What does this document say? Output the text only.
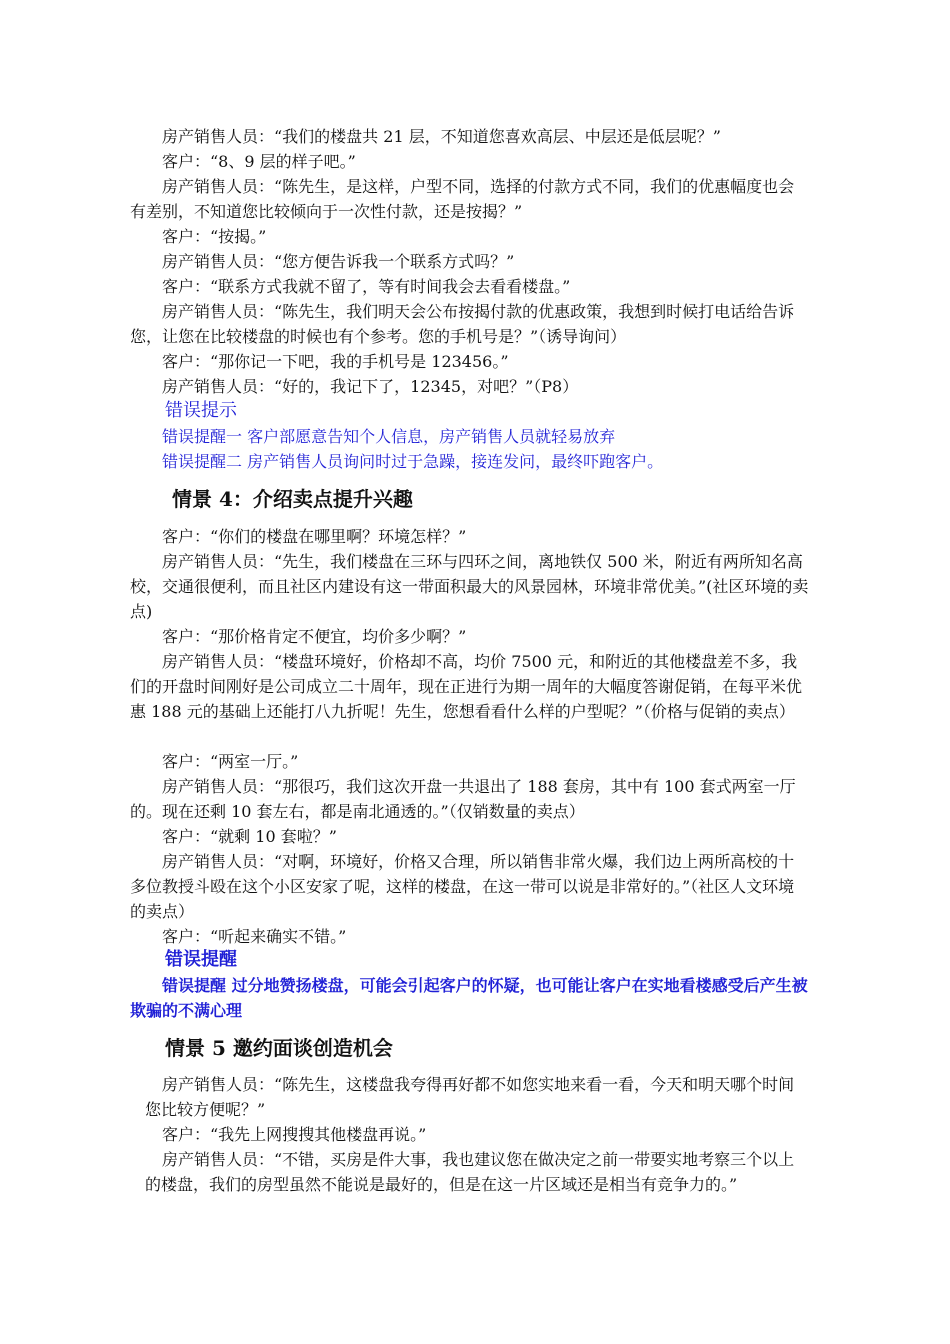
房产销售人员：“我们的楼盘共 21 层，不知道您喜欢高层、中层还是低层呢？”
客户：“8、9 层的样子吧。”
房产销售人员：“陈先生，是这样，户型不同，选择的付款方式不同，我们的优惠幅度也会有差别，不知道您比较倾向于一次性付款，还是按揭？”
客户：“按揭。”
房产销售人员：“您方便告诉我一个联系方式吗？”
客户：“联系方式我就不留了，等有时间我会去看看楼盘。”
房产销售人员：“陈先生，我们明天会公布按揭付款的优惠政策，我想到时候打电话给告诉您，让您在比较楼盘的时候也有个参考。您的手机号是？”（诱导询问）
客户：“那你记一下吧，我的手机号是 123456。”
房产销售人员：“好的，我记下了，12345，对吧？”（P8）
错误提示
错误提醒一 客户部愿意告知个人信息，房产销售人员就轻易放弃
错误提醒二 房产销售人员询问时过于急躁，接连发问，最终吓跑客户。
情景 4：介绍卖点提升兴趣
客户：“你们的楼盘在哪里啊？环境怎样？”
房产销售人员：“先生，我们楼盘在三环与四环之间，离地铁仅 500 米，附近有两所知名高校，交通很便利，而且社区内建设有这一带面积最大的风景园林，环境非常优美。”(社区环境的卖点)
客户：“那价格肯定不便宜，均价多少啊？”
房产销售人员：“楼盘环境好，价格却不高，均价 7500 元，和附近的其他楼盘差不多，我们的开盘时间刚好是公司成立二十周年，现在正进行为期一周年的大幅度答谢促销，在每平米优惠 188 元的基础上还能打八九折呢！先生，您想看看什么样的户型呢？”（价格与促销的卖点）
客户：“两室一厅。”
房产销售人员：“那很巧，我们这次开盘一共退出了 188 套房，其中有 100 套式两室一厅的。现在还剩 10 套左右，都是南北通透的。”（仅销数量的卖点）
客户：“就剩 10 套啦？”
房产销售人员：“对啊，环境好，价格又合理，所以销售非常火爆，我们边上两所高校的十多位教授斗殴在这个小区安家了呢，这样的楼盘，在这一带可以说是非常好的。”（社区人文环境的卖点）
客户：“听起来确实不错。”
错误提醒
错误提醒 过分地赞扬楼盘，可能会引起客户的怀疑，也可能让客户在实地看楼感受后产生被欺骗的不满心理
情景 5 邀约面谈创造机会
房产销售人员：“陈先生，这楼盘我夸得再好都不如您实地来看一看，今天和明天哪个时间您比较方便呢？”
客户：“我先上网搜搜其他楼盘再说。”
房产销售人员：“不错，买房是件大事，我也建议您在做决定之前一带要实地考察三个以上的楼盘，我们的房型虽然不能说是最好的，但是在这一片区域还是相当有竞争力的。”
